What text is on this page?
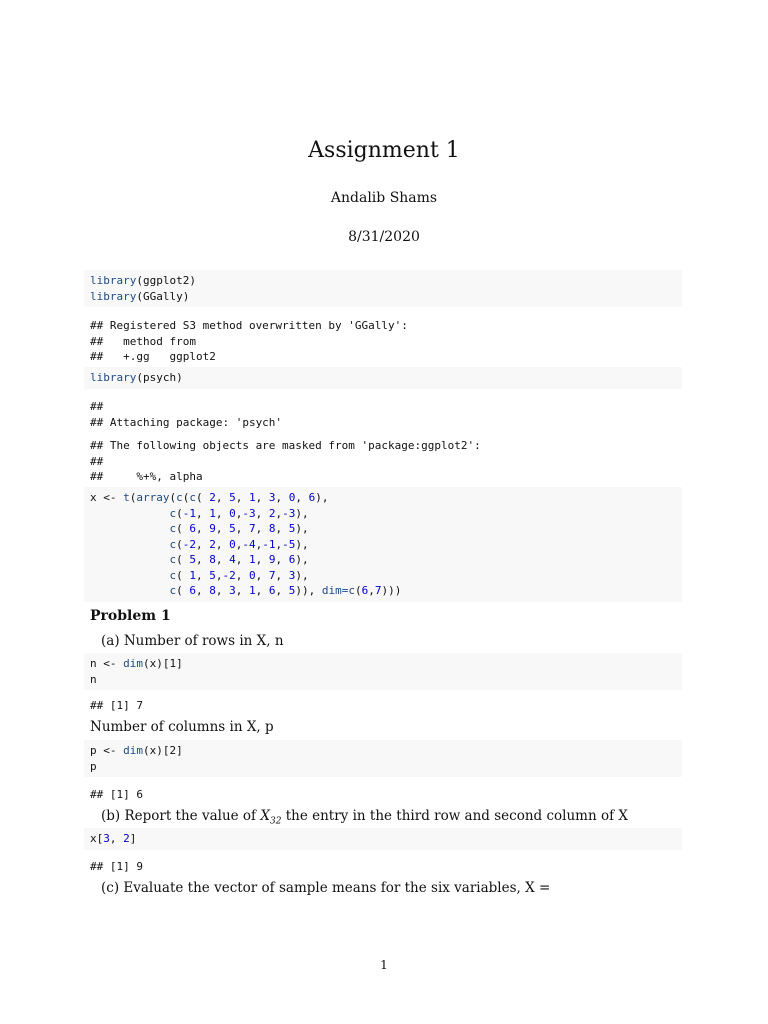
Assignment 1
Andalib Shams
8/31/2020
library(ggplot2)
library(GGally)
## Registered S3 method overwritten by 'GGally':
##   method from
##   +.gg   ggplot2
library(psych)
##
## Attaching package: 'psych'
## The following objects are masked from 'package:ggplot2':
##
##     %+%, alpha
x <- t(array(c(c( 2, 5, 1, 3, 0, 6),
c(-1, 1, 0,-3, 2,-3),
c( 6, 9, 5, 7, 8, 5),
c(-2, 2, 0,-4,-1,-5),
c( 5, 8, 4, 1, 9, 6),
c( 1, 5,-2, 0, 7, 3),
c( 6, 8, 3, 1, 6, 5)), dim=c(6,7)))
Problem 1
(a) Number of rows in X, n
n <- dim(x)[1]
n
## [1] 7
Number of columns in X, p
p <- dim(x)[2]
p
## [1] 6
(b) Report the value of $X_{32}$ the entry in the third row and second column of X
x[3, 2]
## [1] 9
(c) Evaluate the vector of sample means for the six variables, X =
1
